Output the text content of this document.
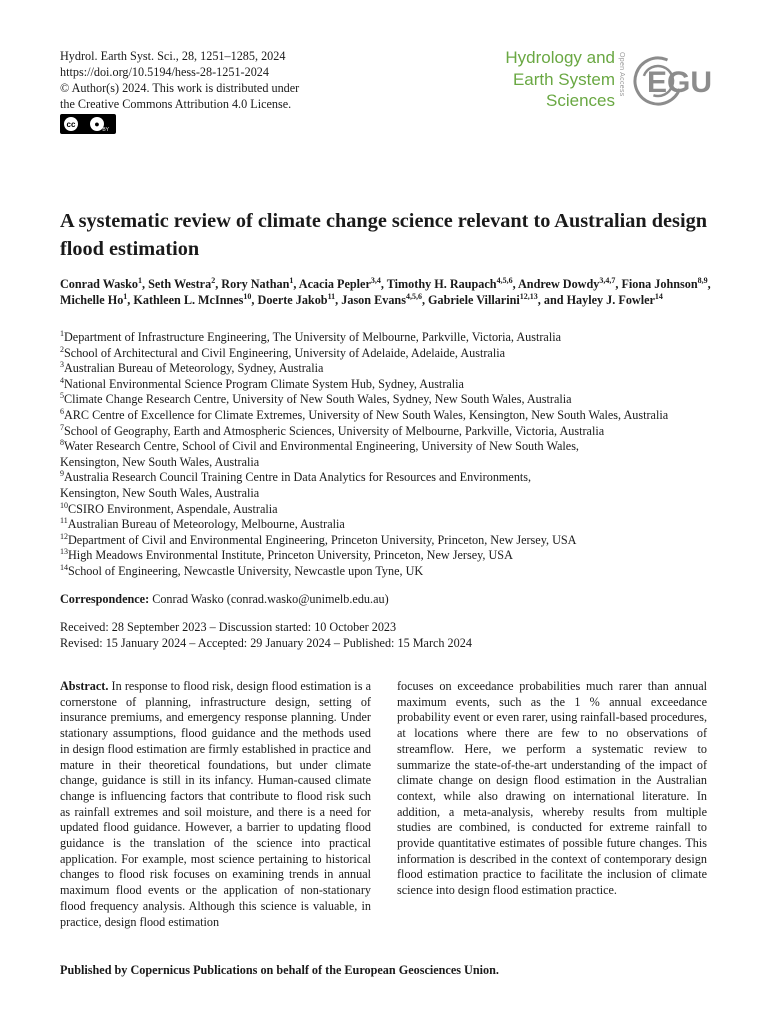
Hydrol. Earth Syst. Sci., 28, 1251–1285, 2024
https://doi.org/10.5194/hess-28-1251-2024
© Author(s) 2024. This work is distributed under
the Creative Commons Attribution 4.0 License.
cc	●
BY
Hydrology and
Earth System
Sciences
Open Access EGU
A systematic review of climate change science relevant to Australian design flood estimation
Conrad Wasko$^1$, Seth Westra$^2$, Rory Nathan$^1$, Acacia Pepler$^{3,4}$, Timothy H. Raupach$^{4,5,6}$, Andrew Dowdy$^{3,4,7}$, Fiona Johnson$^{8,9}$, Michelle Ho$^1$, Kathleen L. McInnes$^{10}$, Doerte Jakob$^{11}$, Jason Evans$^{4,5,6}$, Gabriele Villarini$^{12,13}$, and Hayley J. Fowler$^{14}$
$^1$Department of Infrastructure Engineering, The University of Melbourne, Parkville, Victoria, Australia
$^2$School of Architectural and Civil Engineering, University of Adelaide, Adelaide, Australia
$^3$Australian Bureau of Meteorology, Sydney, Australia
$^4$National Environmental Science Program Climate System Hub, Sydney, Australia
$^5$Climate Change Research Centre, University of New South Wales, Sydney, New South Wales, Australia
$^6$ARC Centre of Excellence for Climate Extremes, University of New South Wales, Kensington, New South Wales, Australia
$^7$School of Geography, Earth and Atmospheric Sciences, University of Melbourne, Parkville, Victoria, Australia
$^8$Water Research Centre, School of Civil and Environmental Engineering, University of New South Wales,
Kensington, New South Wales, Australia
$^9$Australia Research Council Training Centre in Data Analytics for Resources and Environments,
Kensington, New South Wales, Australia
$^{10}$CSIRO Environment, Aspendale, Australia
$^{11}$Australian Bureau of Meteorology, Melbourne, Australia
$^{12}$Department of Civil and Environmental Engineering, Princeton University, Princeton, New Jersey, USA
$^{13}$High Meadows Environmental Institute, Princeton University, Princeton, New Jersey, USA
$^{14}$School of Engineering, Newcastle University, Newcastle upon Tyne, UK
Correspondence: Conrad Wasko (conrad.wasko@unimelb.edu.au)
Received: 28 September 2023 – Discussion started: 10 October 2023
Revised: 15 January 2024 – Accepted: 29 January 2024 – Published: 15 March 2024
Abstract. In response to flood risk, design flood estimation is a cornerstone of planning, infrastructure design, setting of insurance premiums, and emergency response planning. Under stationary assumptions, flood guidance and the methods used in design flood estimation are firmly established in practice and mature in their theoretical foundations, but under climate change, guidance is still in its infancy. Human-caused climate change is influencing factors that contribute to flood risk such as rainfall extremes and soil moisture, and there is a need for updated flood guidance. However, a barrier to updating flood guidance is the translation of the science into practical application. For example, most science pertaining to historical changes to flood risk focuses on examining trends in annual maximum flood events or the application of non-stationary flood frequency analysis. Although this science is valuable, in practice, design flood estimation
focuses on exceedance probabilities much rarer than annual maximum events, such as the 1 % annual exceedance probability event or even rarer, using rainfall-based procedures, at locations where there are few to no observations of streamflow. Here, we perform a systematic review to summarize the state-of-the-art understanding of the impact of climate change on design flood estimation in the Australian context, while also drawing on international literature. In addition, a meta-analysis, whereby results from multiple studies are combined, is conducted for extreme rainfall to provide quantitative estimates of possible future changes. This information is described in the context of contemporary design flood estimation practice to facilitate the inclusion of climate science into design flood estimation practice.
Published by Copernicus Publications on behalf of the European Geosciences Union.
